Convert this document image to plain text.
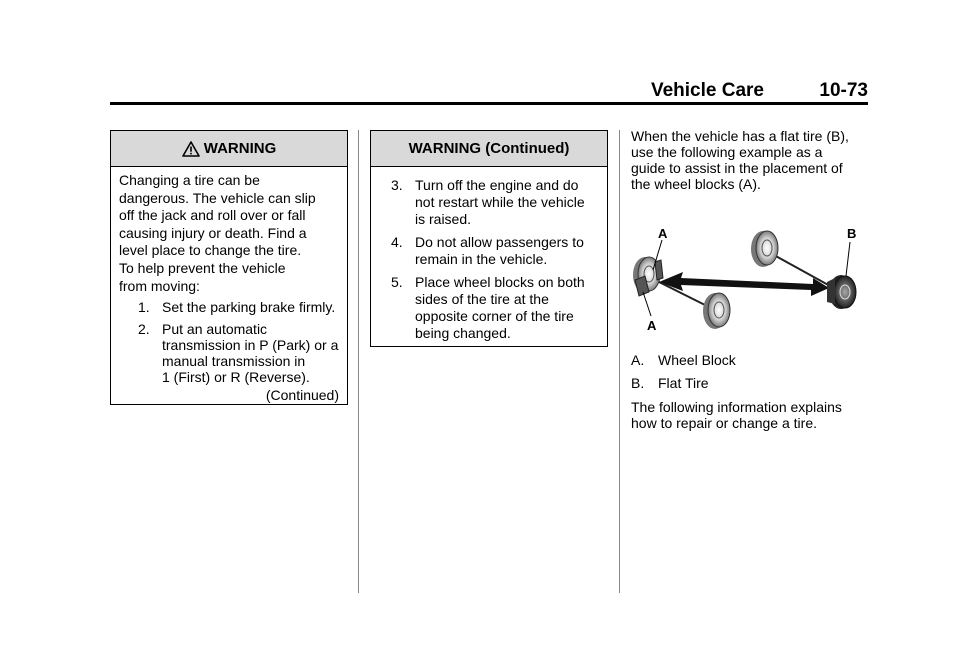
Vehicle Care	10-73
WARNING
Changing a tire can be
dangerous. The vehicle can slip
off the jack and roll over or fall
causing injury or death. Find a
level place to change the tire.
To help prevent the vehicle
from moving:
1. Set the parking brake firmly.
2. Put an automatic
transmission in P (Park) or a
manual transmission in
1 (First) or R (Reverse).
(Continued)
WARNING (Continued)
3. Turn off the engine and do
not restart while the vehicle
is raised.
4. Do not allow passengers to
remain in the vehicle.
5. Place wheel blocks on both
sides of the tire at the
opposite corner of the tire
being changed.
When the vehicle has a flat tire (B),
use the following example as a
guide to assist in the placement of
the wheel blocks (A).
A
A
B
A. Wheel Block
B. Flat Tire
The following information explains
how to repair or change a tire.
